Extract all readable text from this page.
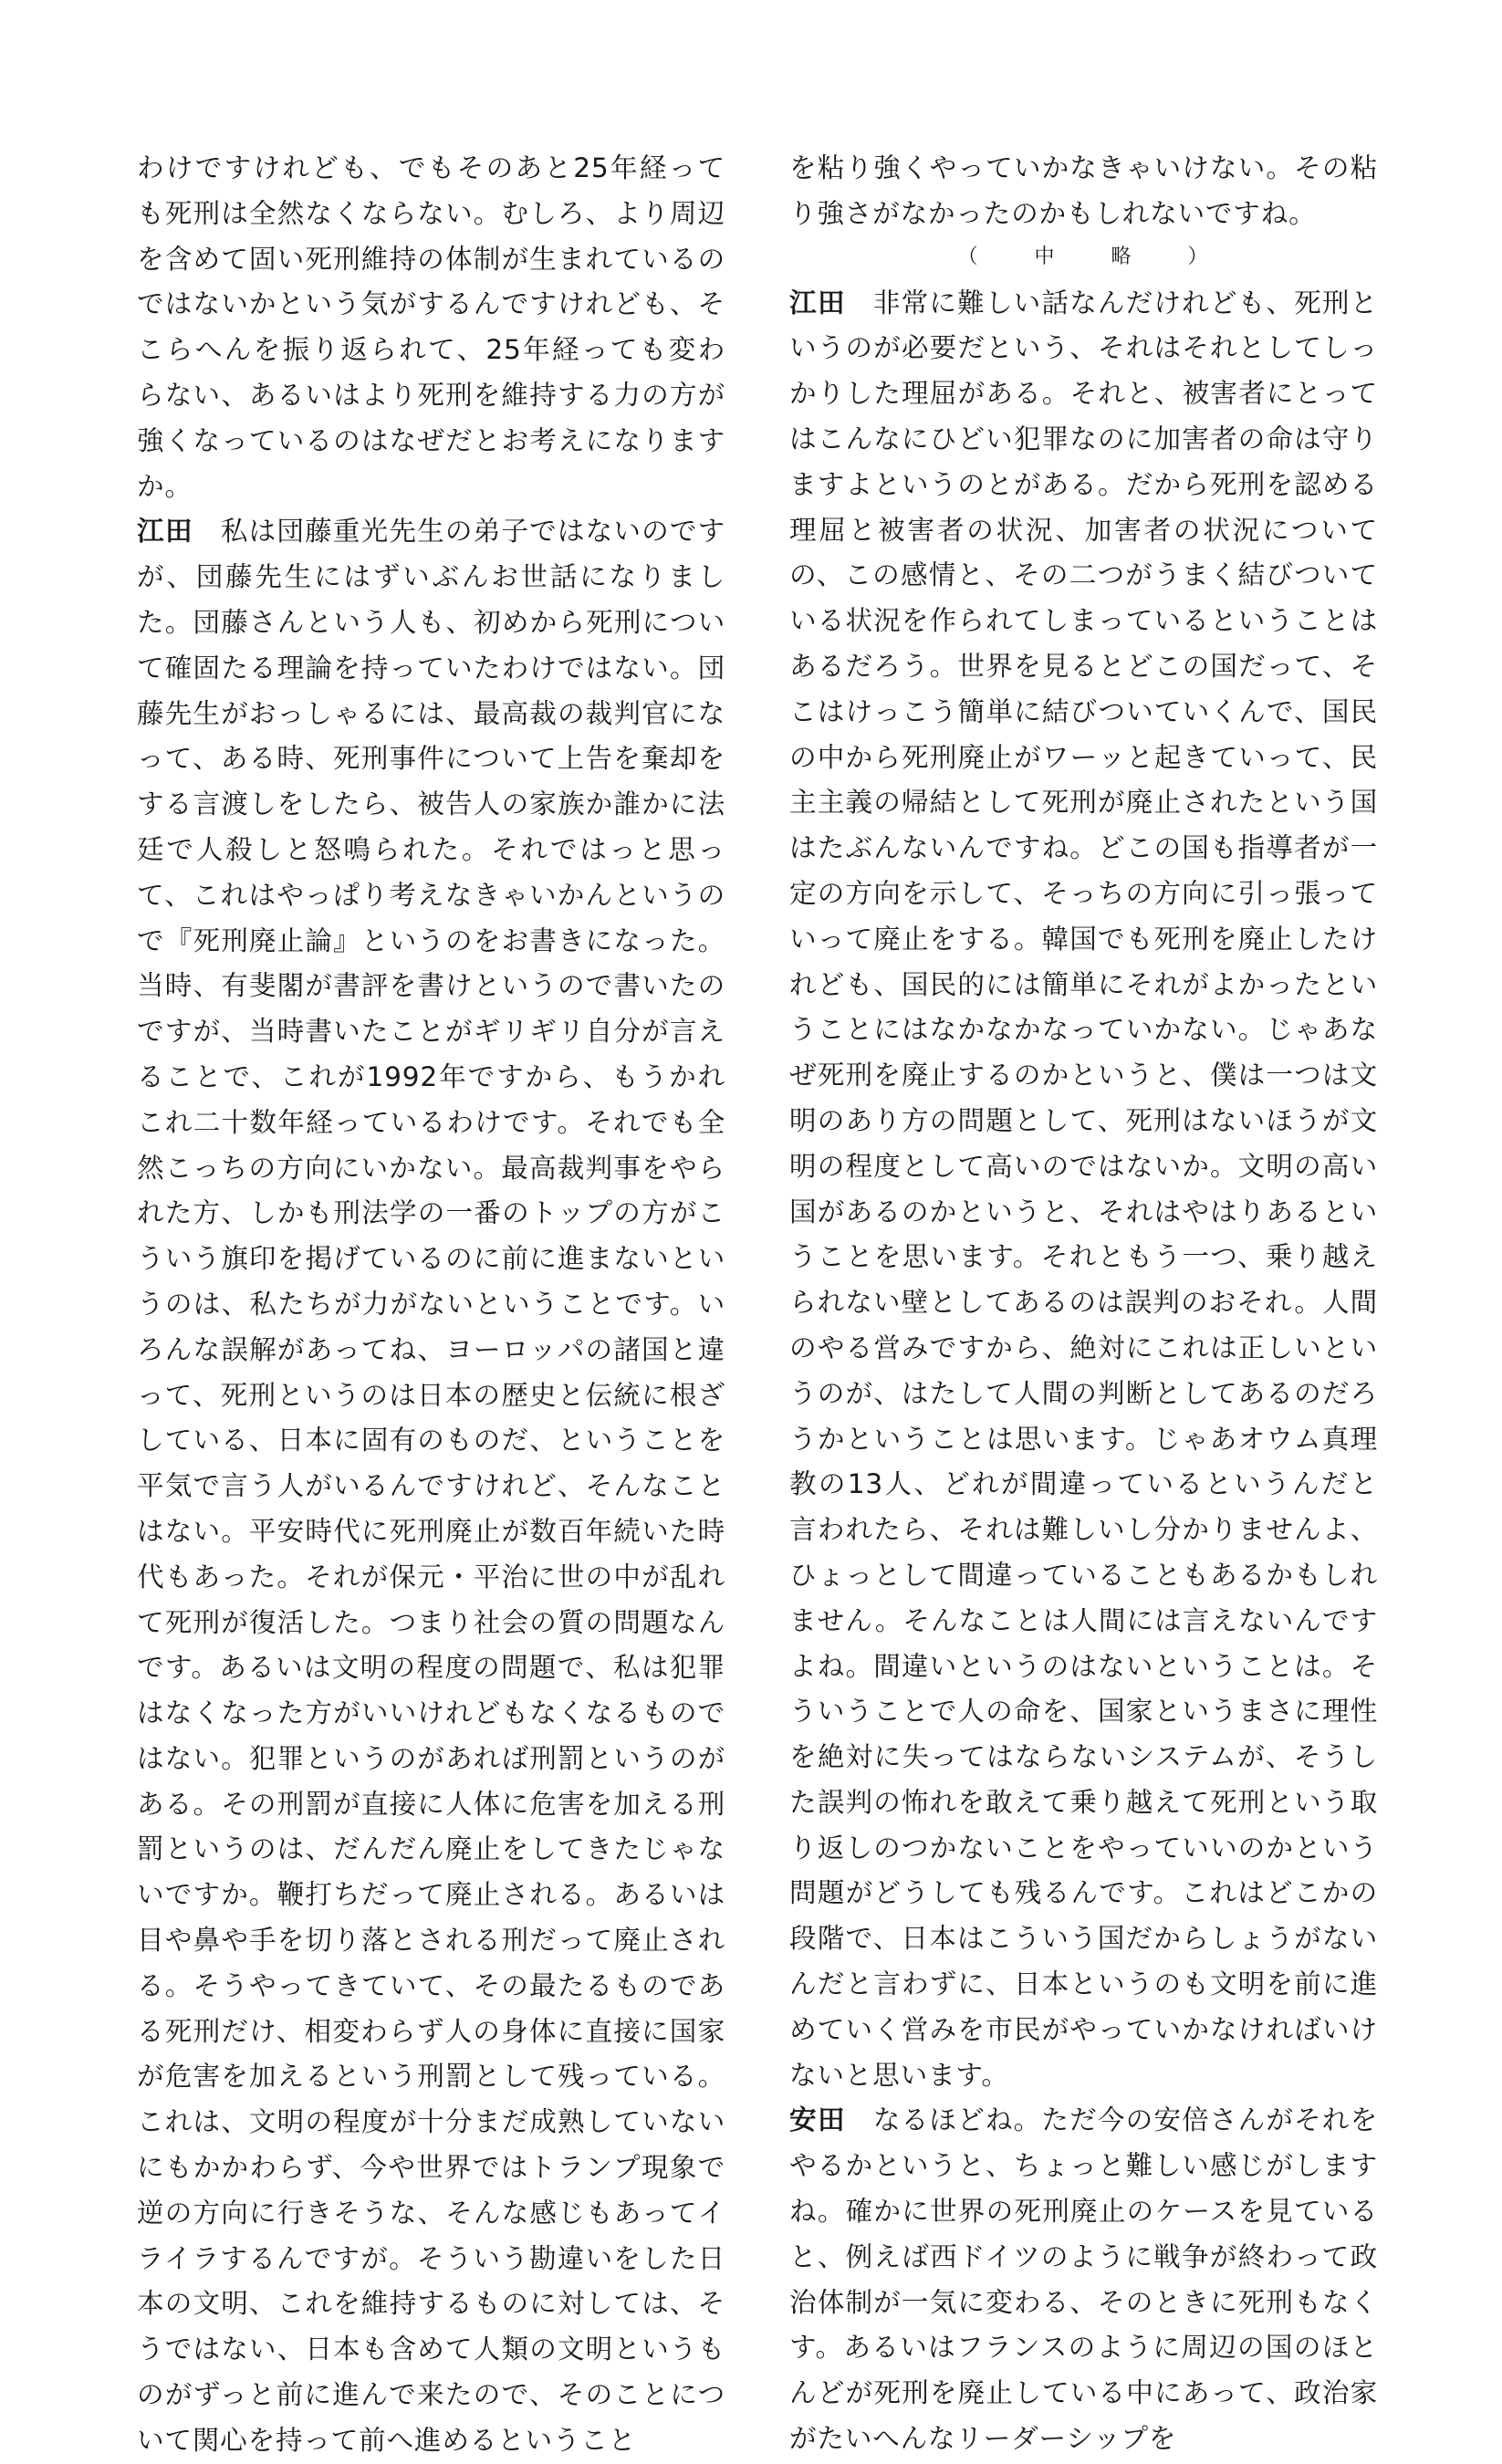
わけですけれども、でもそのあと25年経っても死刑は全然なくならない。むしろ、より周辺を含めて固い死刑維持の体制が生まれているのではないかという気がするんですけれども、そこらへんを振り返られて、25年経っても変わらない、あるいはより死刑を維持する力の方が強くなっているのはなぜだとお考えになりますか。

江田 私は団藤重光先生の弟子ではないのですが、団藤先生にはずいぶんお世話になりました。団藤さんという人も、初めから死刑について確固たる理論を持っていたわけではない。団藤先生がおっしゃるには、最高裁の裁判官になって、ある時、死刑事件について上告を棄却をする言渡しをしたら、被告人の家族か誰かに法廷で人殺しと怒鳴られた。それではっと思って、これはやっぱり考えなきゃいかんというので『死刑廃止論』というのをお書きになった。当時、有斐閣が書評を書けというので書いたのですが、当時書いたことがギリギリ自分が言えることで、これが1992年ですから、もうかれこれ二十数年経っているわけです。それでも全然こっちの方向にいかない。最高裁判事をやられた方、しかも刑法学の一番のトップの方がこういう旗印を掲げているのに前に進まないというのは、私たちが力がないということです。いろんな誤解があってね、ヨーロッパの諸国と違って、死刑というのは日本の歴史と伝統に根ざしている、日本に固有のものだ、ということを平気で言う人がいるんですけれど、そんなことはない。平安時代に死刑廃止が数百年続いた時代もあった。それが保元・平治に世の中が乱れて死刑が復活した。つまり社会の質の問題なんです。あるいは文明の程度の問題で、私は犯罪はなくなった方がいいけれどもなくなるものではない。犯罪というのがあれば刑罰というのがある。その刑罰が直接に人体に危害を加える刑罰というのは、だんだん廃止をしてきたじゃないですか。鞭打ちだって廃止される。あるいは目や鼻や手を切り落とされる刑だって廃止される。そうやってきていて、その最たるものである死刑だけ、相変わらず人の身体に直接に国家が危害を加えるという刑罰として残っている。これは、文明の程度が十分まだ成熟していないにもかかわらず、今や世界ではトランプ現象で逆の方向に行きそうな、そんな感じもあってイライラするんですが。そういう勘違いをした日本の文明、これを維持するものに対しては、そうではない、日本も含めて人類の文明というものがずっと前に進んで来たので、そのことについて関心を持って前へ進めるということ

を粘り強くやっていかなきゃいけない。その粘り強さがなかったのかもしれないですね。

（	中	略	）

江田 非常に難しい話なんだけれども、死刑というのが必要だという、それはそれとしてしっかりした理屈がある。それと、被害者にとってはこんなにひどい犯罪なのに加害者の命は守りますよというのとがある。だから死刑を認める理屈と被害者の状況、加害者の状況についての、この感情と、その二つがうまく結びついている状況を作られてしまっているということはあるだろう。世界を見るとどこの国だって、そこはけっこう簡単に結びついていくんで、国民の中から死刑廃止がワーッと起きていって、民主主義の帰結として死刑が廃止されたという国はたぶんないんですね。どこの国も指導者が一定の方向を示して、そっちの方向に引っ張っていって廃止をする。韓国でも死刑を廃止したけれども、国民的には簡単にそれがよかったということにはなかなかなっていかない。じゃあなぜ死刑を廃止するのかというと、僕は一つは文明のあり方の問題として、死刑はないほうが文明の程度として高いのではないか。文明の高い国があるのかというと、それはやはりあるということを思います。それともう一つ、乗り越えられない壁としてあるのは誤判のおそれ。人間のやる営みですから、絶対にこれは正しいというのが、はたして人間の判断としてあるのだろうかということは思います。じゃあオウム真理教の13人、どれが間違っているというんだと言われたら、それは難しいし分かりませんよ、ひょっとして間違っていることもあるかもしれません。そんなことは人間には言えないんですよね。間違いというのはないということは。そういうことで人の命を、国家というまさに理性を絶対に失ってはならないシステムが、そうした誤判の怖れを敢えて乗り越えて死刑という取り返しのつかないことをやっていいのかという問題がどうしても残るんです。これはどこかの段階で、日本はこういう国だからしょうがないんだと言わずに、日本というのも文明を前に進めていく営みを市民がやっていかなければいけないと思います。

安田 なるほどね。ただ今の安倍さんがそれをやるかというと、ちょっと難しい感じがしますね。確かに世界の死刑廃止のケースを見ていると、例えば西ドイツのように戦争が終わって政治体制が一気に変わる、そのときに死刑もなくす。あるいはフランスのように周辺の国のほとんどが死刑を廃止している中にあって、政治家がたいへんなリーダーシップを
